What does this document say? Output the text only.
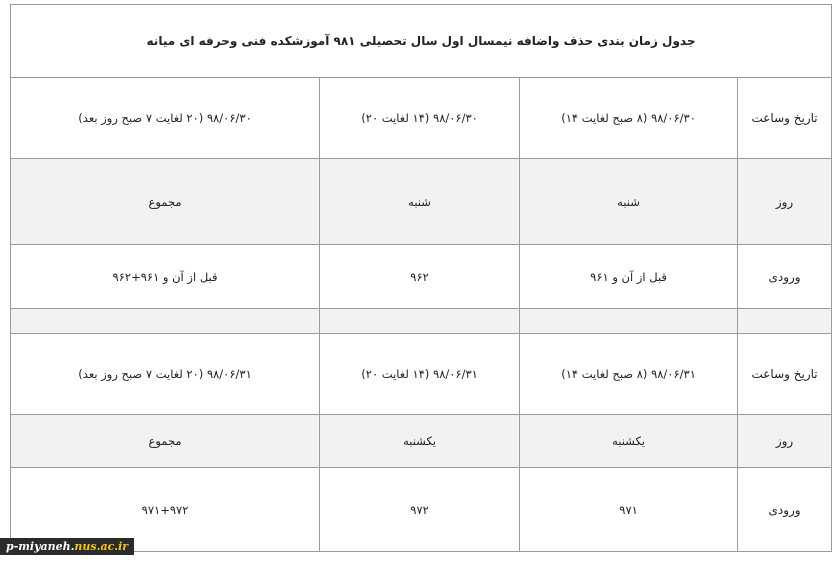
جدول زمان بندی حذف واضافه نیمسال اول سال تحصیلی ۹۸۱ آموزشکده فنی وحرفه ای میانه			
تاریخ وساعت	۹۸/۰۶/۳۰ (۸ صبح لغایت ۱۴)	۹۸/۰۶/۳۰ (۱۴ لغایت ۲۰)	۹۸/۰۶/۳۰ (۲۰ لغایت ۷ صبح روز بعد)
روز	شنبه	شنبه	مجموع
ورودی	قبل از آن و ۹۶۱	۹۶۲	قبل از آن و ۹۶۱+۹۶۲

تاریخ وساعت	۹۸/۰۶/۳۱ (۸ صبح لغایت ۱۴)	۹۸/۰۶/۳۱ (۱۴ لغایت ۲۰)	۹۸/۰۶/۳۱ (۲۰ لغایت ۷ صبح روز بعد)
روز	یکشنبه	یکشنبه	مجموع
ورودی	۹۷۱	۹۷۲	۹۷۱+۹۷۲
p-miyaneh.nus.ac.ir
